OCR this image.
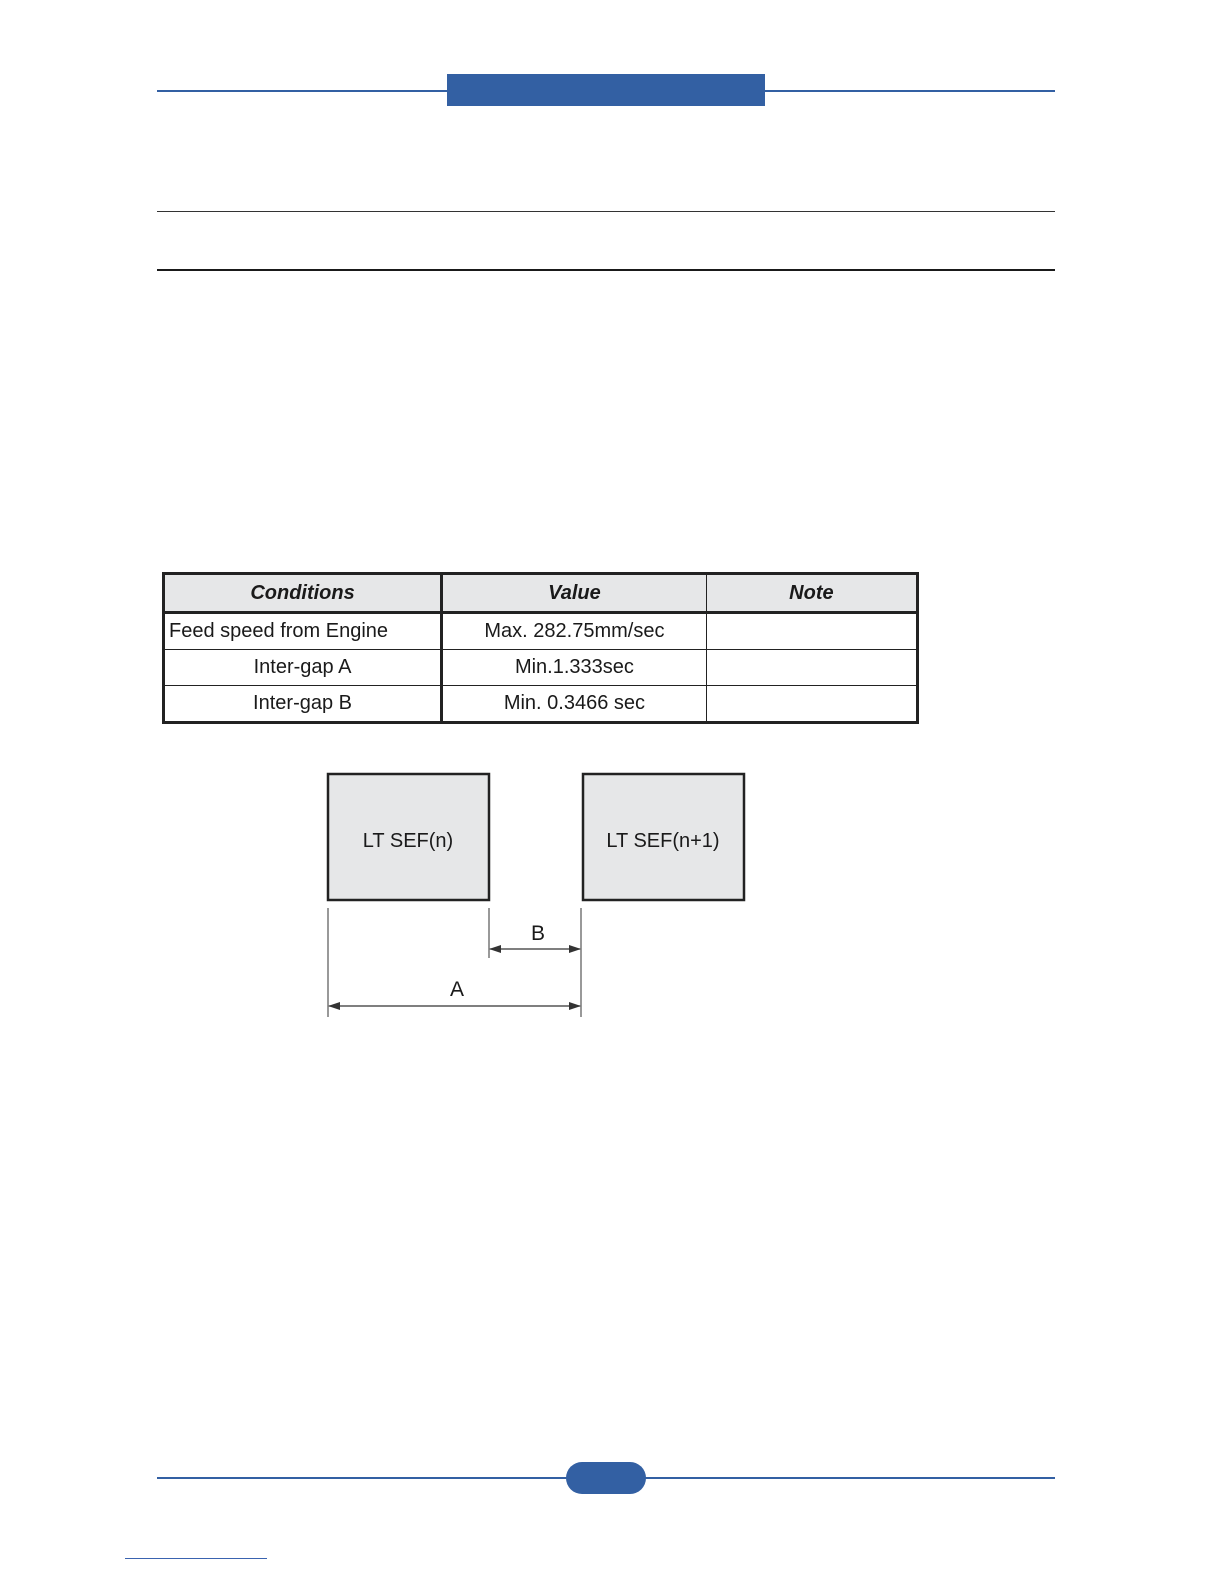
Conditions	Value	Note
Feed speed from Engine	Max. 282.75mm/sec	
Inter-gap A	Min.1.333sec	
Inter-gap B	Min. 0.3466 sec	
LT SEF(n)	LT SEF(n+1)
B
A
